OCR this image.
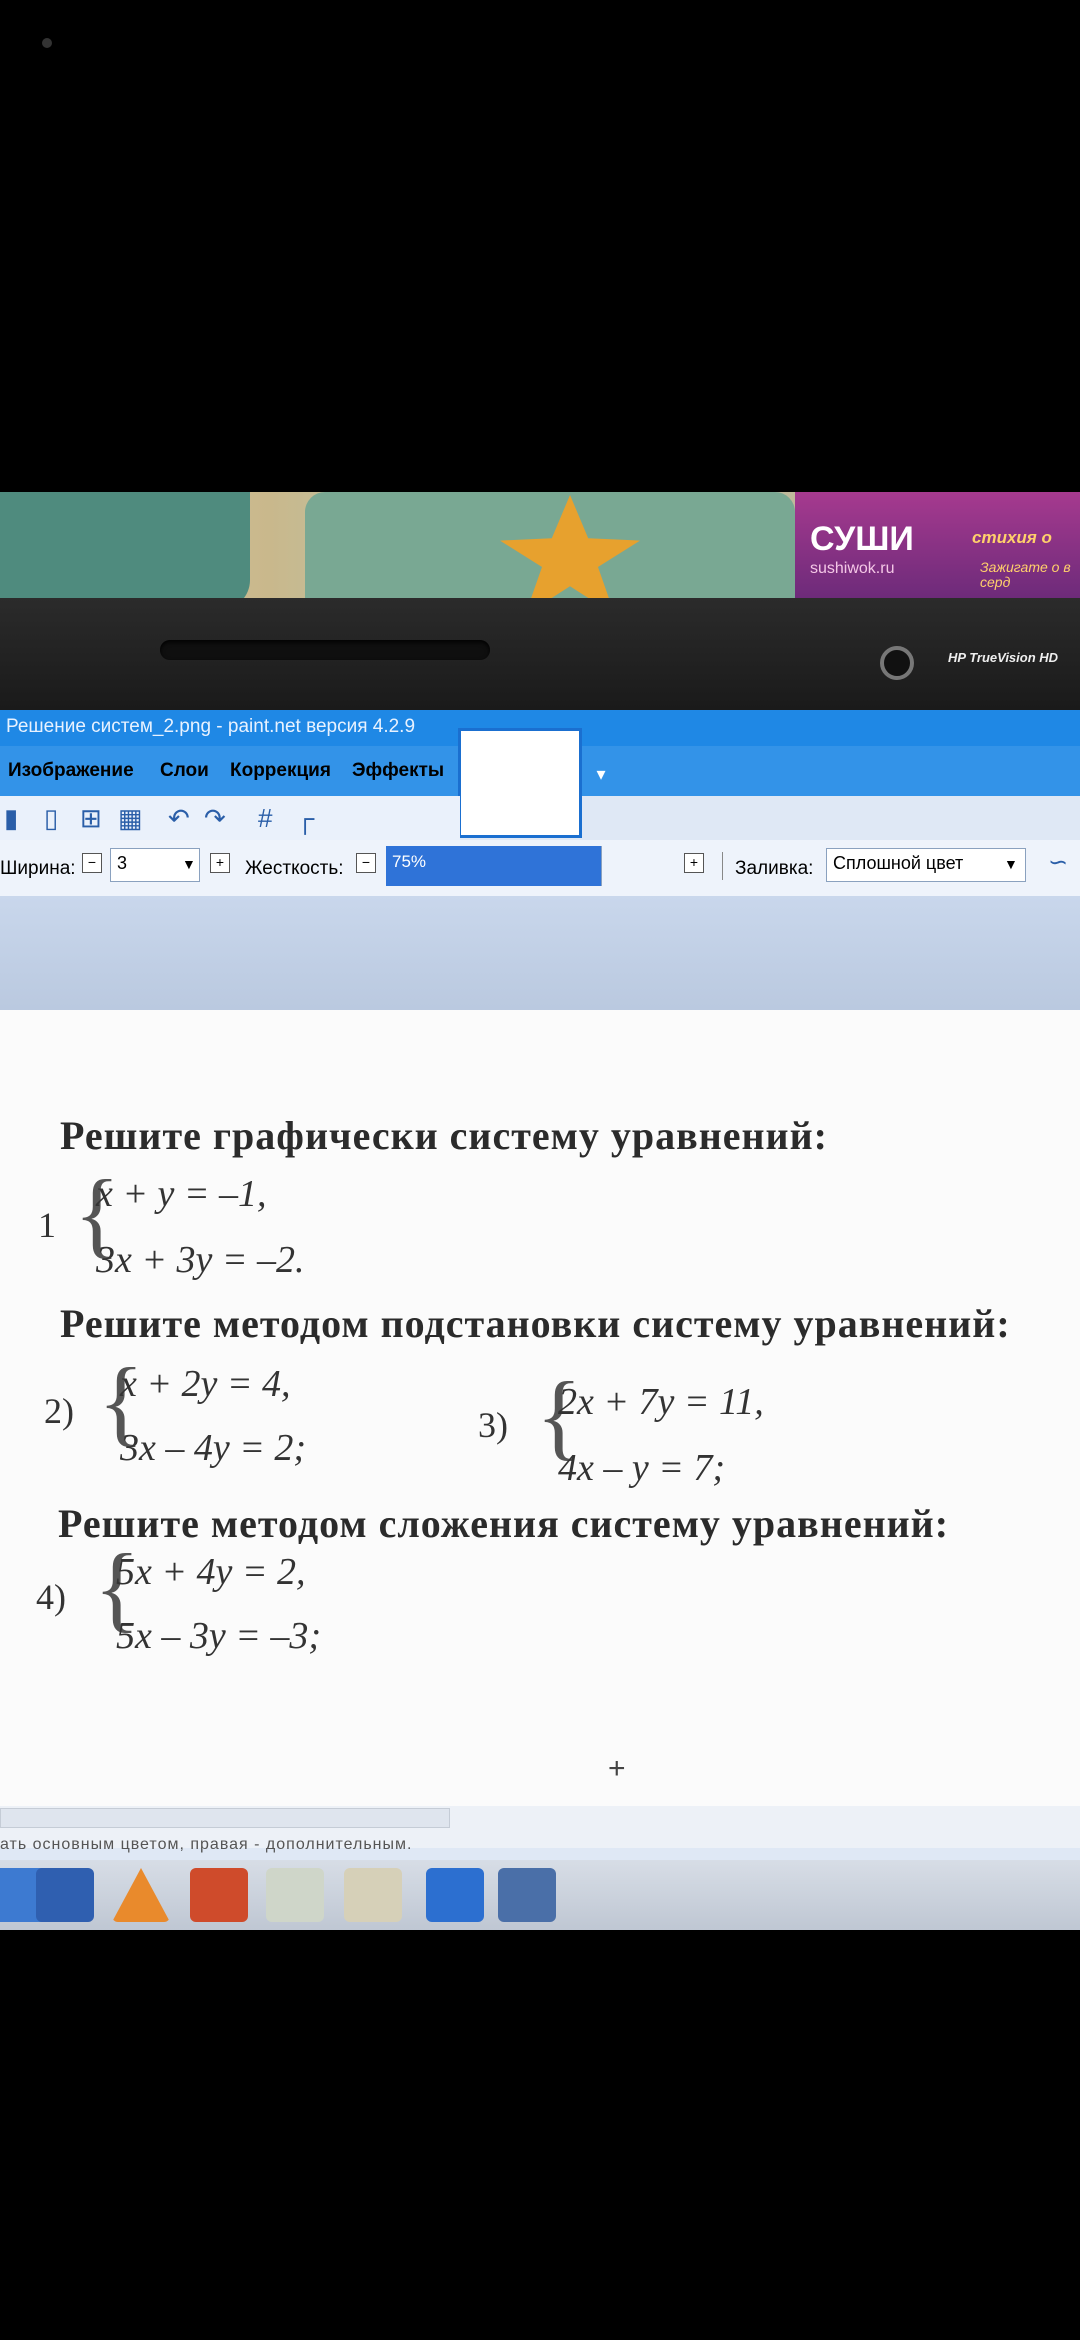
СУШИ
sushiwok.ru
стихия о
Зажигате о в серд
HP TrueVision HD
Решение систем_2.png - paint.net версия 4.2.9
Изображение Слои Коррекция Эффекты	▾
▮ ▯ ⊞ ▦ ↶ ↷ # ┌
Ширина: −	3	▼	+	Жесткость:	−	75%	+	Заливка:	Сплошной цвет	▼ ∽
Решите графически систему уравнений:
1 {
x + y = –1,
3x + 3y = –2.
Решите методом подстановки систему уравнений:
2) {
x + 2y = 4,
3x – 4y = 2;
3) {
2x + 7y = 11,
4x – y = 7;
Решите методом сложения систему уравнений:
4) {
5x + 4y = 2,
5x – 3y = –3;
+
ать основным цветом, правая - дополнительным.
